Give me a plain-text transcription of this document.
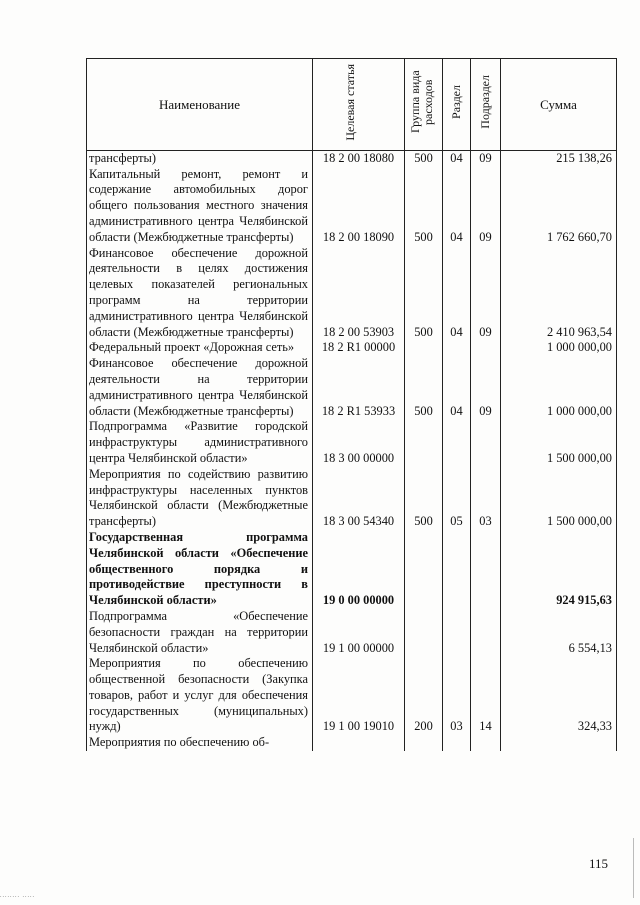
Наименование	Целевая статья	Группа вида расходов	Раздел	Подраздел	Сумма
трансферты)	18 2 00 18080	500	04	09	215 138,26
Капитальный ремонт, ремонт и содержание автомобильных дорог общего пользования местного значения административного центра Челябинской области (Межбюджетные трансферты)	18 2 00 18090	500	04	09	1 762 660,70
Финансовое обеспечение дорожной деятельности в целях достижения целевых показателей региональных программ на территории административного центра Челябинской области (Межбюджетные трансферты)	18 2 00 53903	500	04	09	2 410 963,54
Федеральный проект «Дорожная сеть»	18 2 R1 00000				1 000 000,00
Финансовое обеспечение дорожной деятельности на территории административного центра Челябинской области (Межбюджетные трансферты)	18 2 R1 53933	500	04	09	1 000 000,00
Подпрограмма «Развитие городской инфраструктуры административного центра Челябинской области»	18 3 00 00000				1 500 000,00
Мероприятия по содействию развитию инфраструктуры населенных пунктов Челябинской области (Межбюджетные трансферты)	18 3 00 54340	500	05	03	1 500 000,00
Государственная программа Челябинской области «Обеспечение общественного порядка и противодействие преступности в Челябинской области»	19 0 00 00000				924 915,63
Подпрограмма «Обеспечение безопасности граждан на территории Челябинской области»	19 1 00 00000				6 554,13
Мероприятия по обеспечению общественной безопасности (Закупка товаров, работ и услуг для обеспечения государственных (муниципальных) нужд)	19 1 00 19010	200	03	14	324,33
Мероприятия по обеспечению об-					
115
........ .....
